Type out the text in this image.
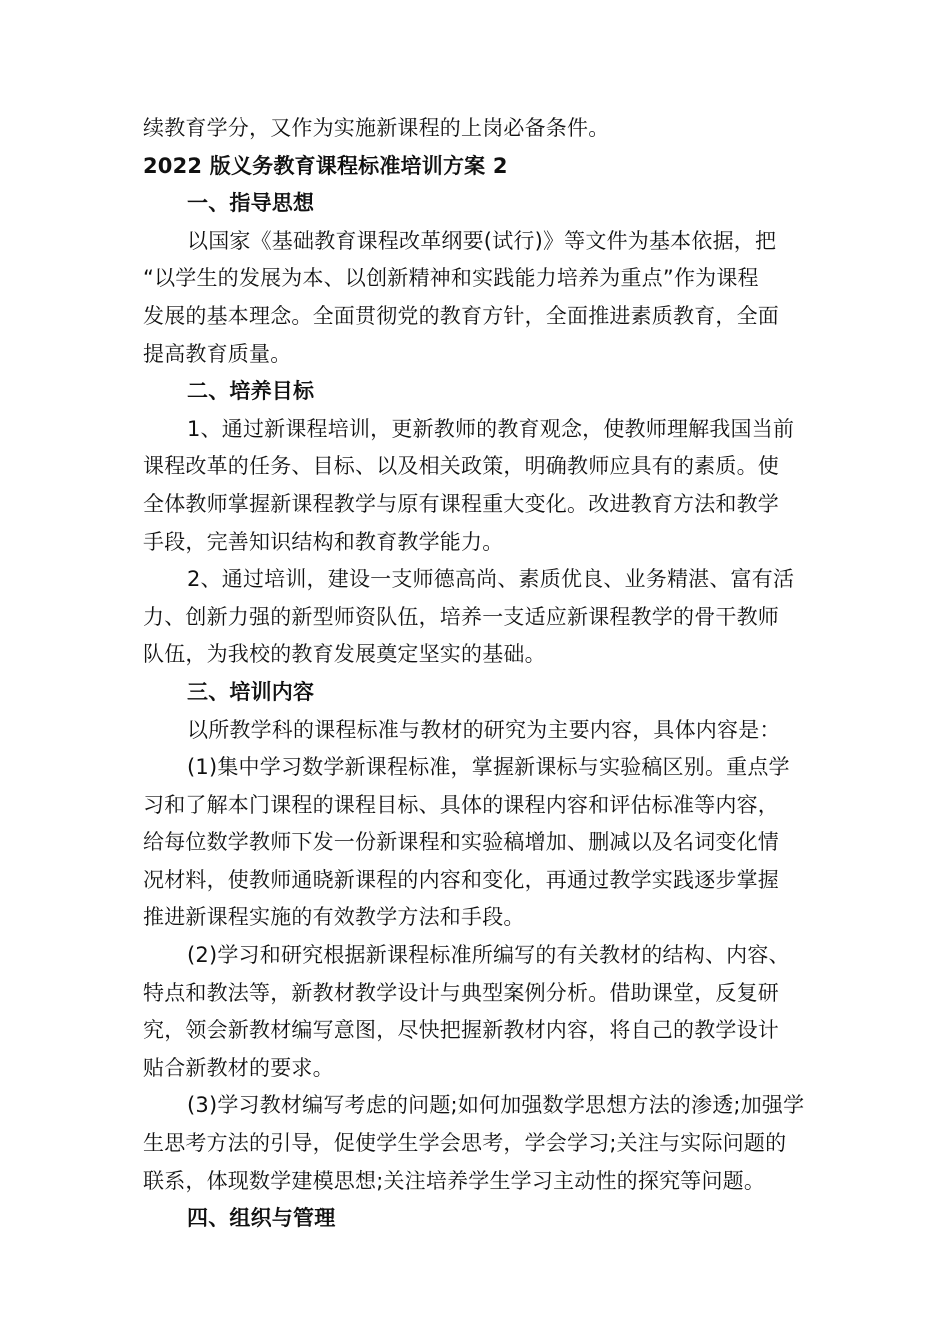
续教育学分，又作为实施新课程的上岗必备条件。
2022 版义务教育课程标准培训方案 2
一、指导思想
以国家《基础教育课程改革纲要(试行)》等文件为基本依据，把
“以学生的发展为本、以创新精神和实践能力培养为重点”作为课程
发展的基本理念。全面贯彻党的教育方针，全面推进素质教育，全面
提高教育质量。
二、培养目标
1、通过新课程培训，更新教师的教育观念，使教师理解我国当前
课程改革的任务、目标、以及相关政策，明确教师应具有的素质。使
全体教师掌握新课程教学与原有课程重大变化。改进教育方法和教学
手段，完善知识结构和教育教学能力。
2、通过培训，建设一支师德高尚、素质优良、业务精湛、富有活
力、创新力强的新型师资队伍，培养一支适应新课程教学的骨干教师
队伍，为我校的教育发展奠定坚实的基础。
三、培训内容
以所教学科的课程标准与教材的研究为主要内容，具体内容是：
(1)集中学习数学新课程标准，掌握新课标与实验稿区别。重点学
习和了解本门课程的课程目标、具体的课程内容和评估标准等内容，
给每位数学教师下发一份新课程和实验稿增加、删减以及名词变化情
况材料，使教师通晓新课程的内容和变化，再通过教学实践逐步掌握
推进新课程实施的有效教学方法和手段。
(2)学习和研究根据新课程标准所编写的有关教材的结构、内容、
特点和教法等，新教材教学设计与典型案例分析。借助课堂，反复研
究，领会新教材编写意图，尽快把握新教材内容，将自己的教学设计
贴合新教材的要求。
(3)学习教材编写考虑的问题;如何加强数学思想方法的渗透;加强学
生思考方法的引导，促使学生学会思考，学会学习;关注与实际问题的
联系，体现数学建模思想;关注培养学生学习主动性的探究等问题。
四、组织与管理
